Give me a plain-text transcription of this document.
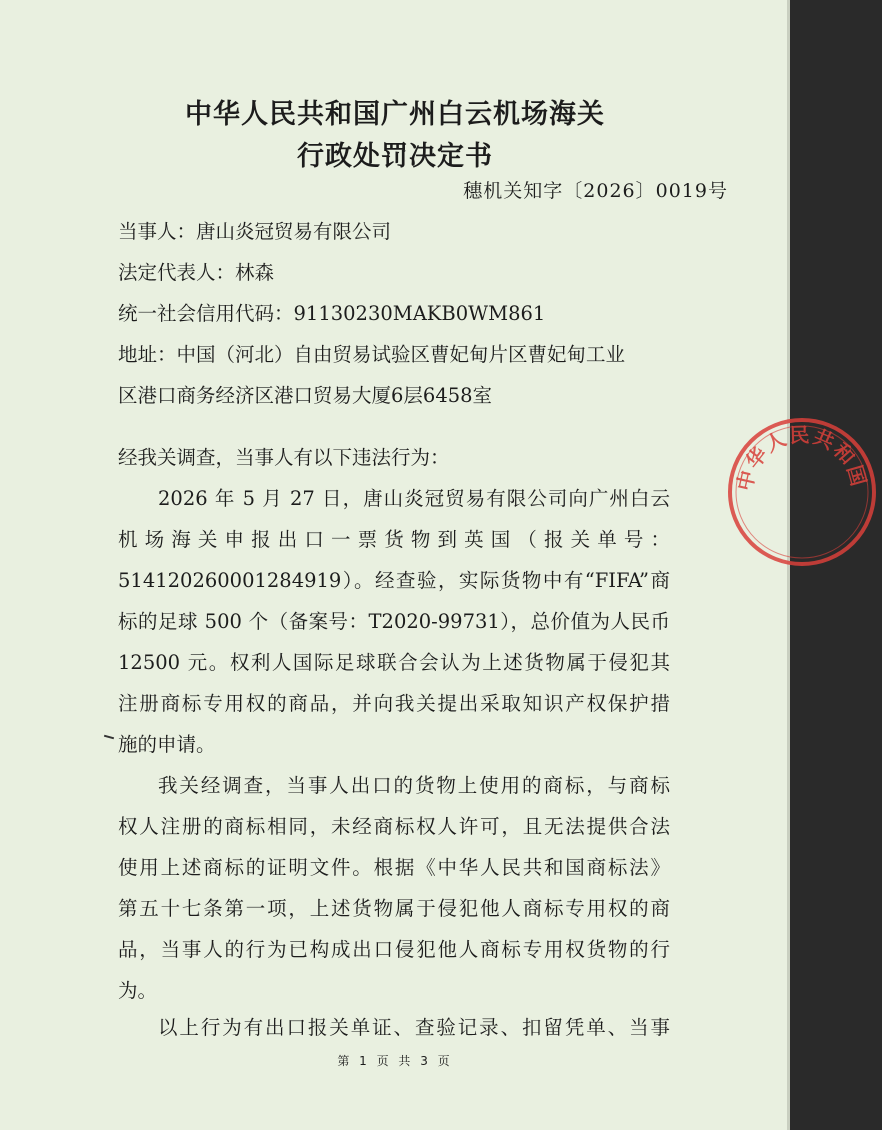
中华人民共和国广州白云机场海关
行政处罚决定书
穗机关知字〔2026〕0019号
当事人：唐山炎冠贸易有限公司
法定代表人：林森
统一社会信用代码：91130230MAKB0WM861
地址：中国（河北）自由贸易试验区曹妃甸片区曹妃甸工业
区港口商务经济区港口贸易大厦6层6458室
经我关调查，当事人有以下违法行为：
2026 年 5 月 27 日，唐山炎冠贸易有限公司向广州白云
机场海关申报出口一票货物到英国（报关单号：
514120260001284919）。经查验，实际货物中有“FIFA”商
标的足球 500 个（备案号：T2020-99731），总价值为人民币
12500 元。权利人国际足球联合会认为上述货物属于侵犯其
注册商标专用权的商品，并向我关提出采取知识产权保护措
施的申请。
我关经调查，当事人出口的货物上使用的商标，与商标
权人注册的商标相同，未经商标权人许可，且无法提供合法
使用上述商标的证明文件。根据《中华人民共和国商标法》
第五十七条第一项，上述货物属于侵犯他人商标专用权的商
品，当事人的行为已构成出口侵犯他人商标专用权货物的行
为。
以上行为有出口报关单证、查验记录、扣留凭单、当事
第 1 页 共 3 页
中华人民共和国
